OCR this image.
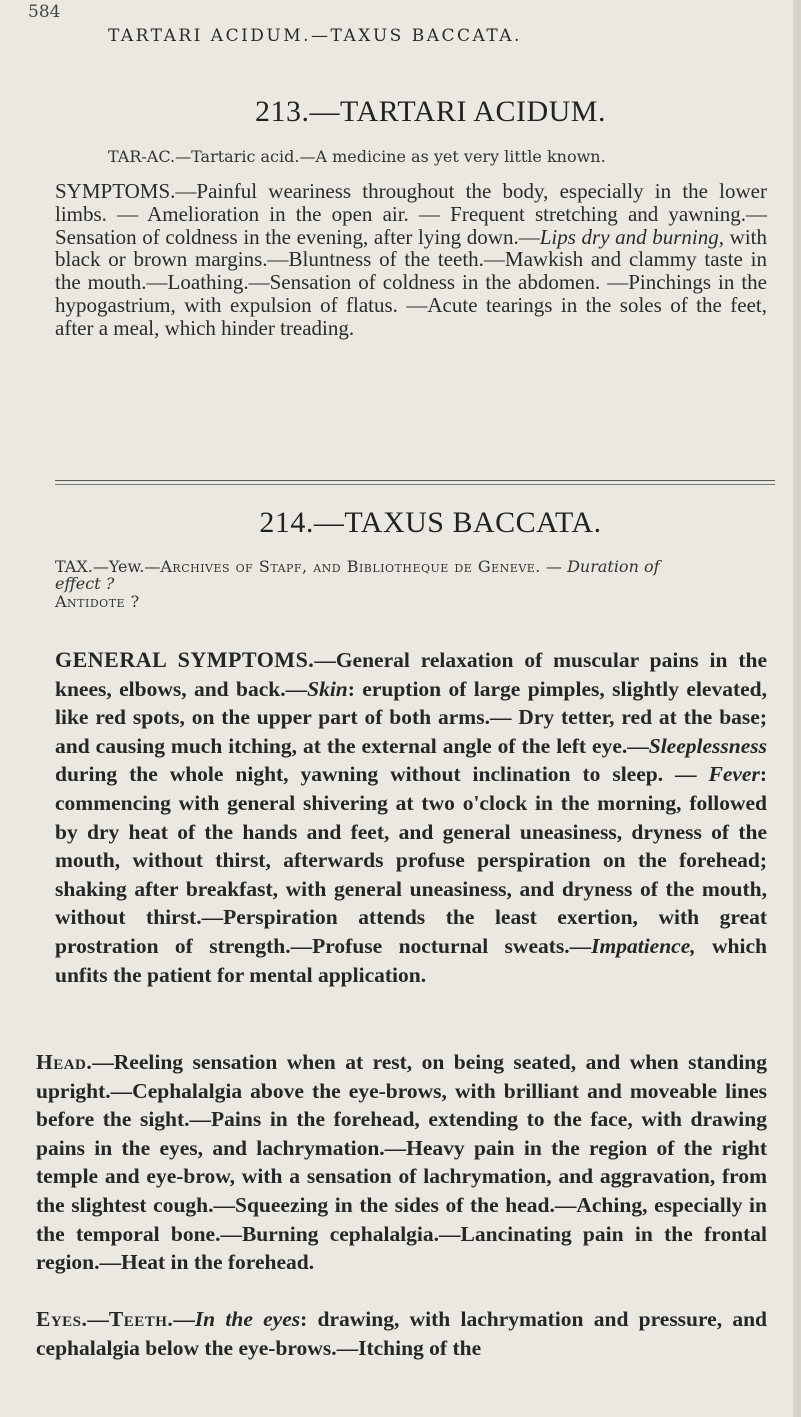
584
TARTARI ACIDUM.—TAXUS BACCATA.
213.—TARTARI ACIDUM.
TAR-AC.—Tartaric acid.—A medicine as yet very little known.
SYMPTOMS.—Painful weariness throughout the body, especially in the lower limbs. — Amelioration in the open air. — Frequent stretching and yawning.—Sensation of coldness in the evening, after lying down.—Lips dry and burning, with black or brown margins.—Bluntness of the teeth.—Mawkish and clammy taste in the mouth.—Loathing.—Sensation of coldness in the abdomen. —Pinchings in the hypogastrium, with expulsion of flatus. —Acute tearings in the soles of the feet, after a meal, which hinder treading.
214.—TAXUS BACCATA.
TAX.—Yew.—Archives of Stapf, and Bibliotheque de Geneve. — Duration of
effect ?
Antidote ?
GENERAL SYMPTOMS.—General relaxation of muscular pains in the knees, elbows, and back.—Skin: eruption of large pimples, slightly elevated, like red spots, on the upper part of both arms.— Dry tetter, red at the base; and causing much itching, at the external angle of the left eye.—Sleeplessness during the whole night, yawning without inclination to sleep. — Fever: commencing with general shivering at two o'clock in the morning, followed by dry heat of the hands and feet, and general uneasiness, dryness of the mouth, without thirst, afterwards profuse perspiration on the forehead; shaking after breakfast, with general uneasiness, and dryness of the mouth, without thirst.—Perspiration attends the least exertion, with great prostration of strength.—Profuse nocturnal sweats.—Impatience, which unfits the patient for mental application.
Head.—Reeling sensation when at rest, on being seated, and when standing upright.—Cephalalgia above the eye-brows, with brilliant and moveable lines before the sight.—Pains in the forehead, extending to the face, with drawing pains in the eyes, and lachrymation.—Heavy pain in the region of the right temple and eye-brow, with a sensation of lachrymation, and aggravation, from the slightest cough.—Squeezing in the sides of the head.—Aching, especially in the temporal bone.—Burning cephalalgia.—Lancinating pain in the frontal region.—Heat in the forehead.
Eyes.—Teeth.—In the eyes: drawing, with lachrymation and pressure, and cephalalgia below the eye-brows.—Itching of the
